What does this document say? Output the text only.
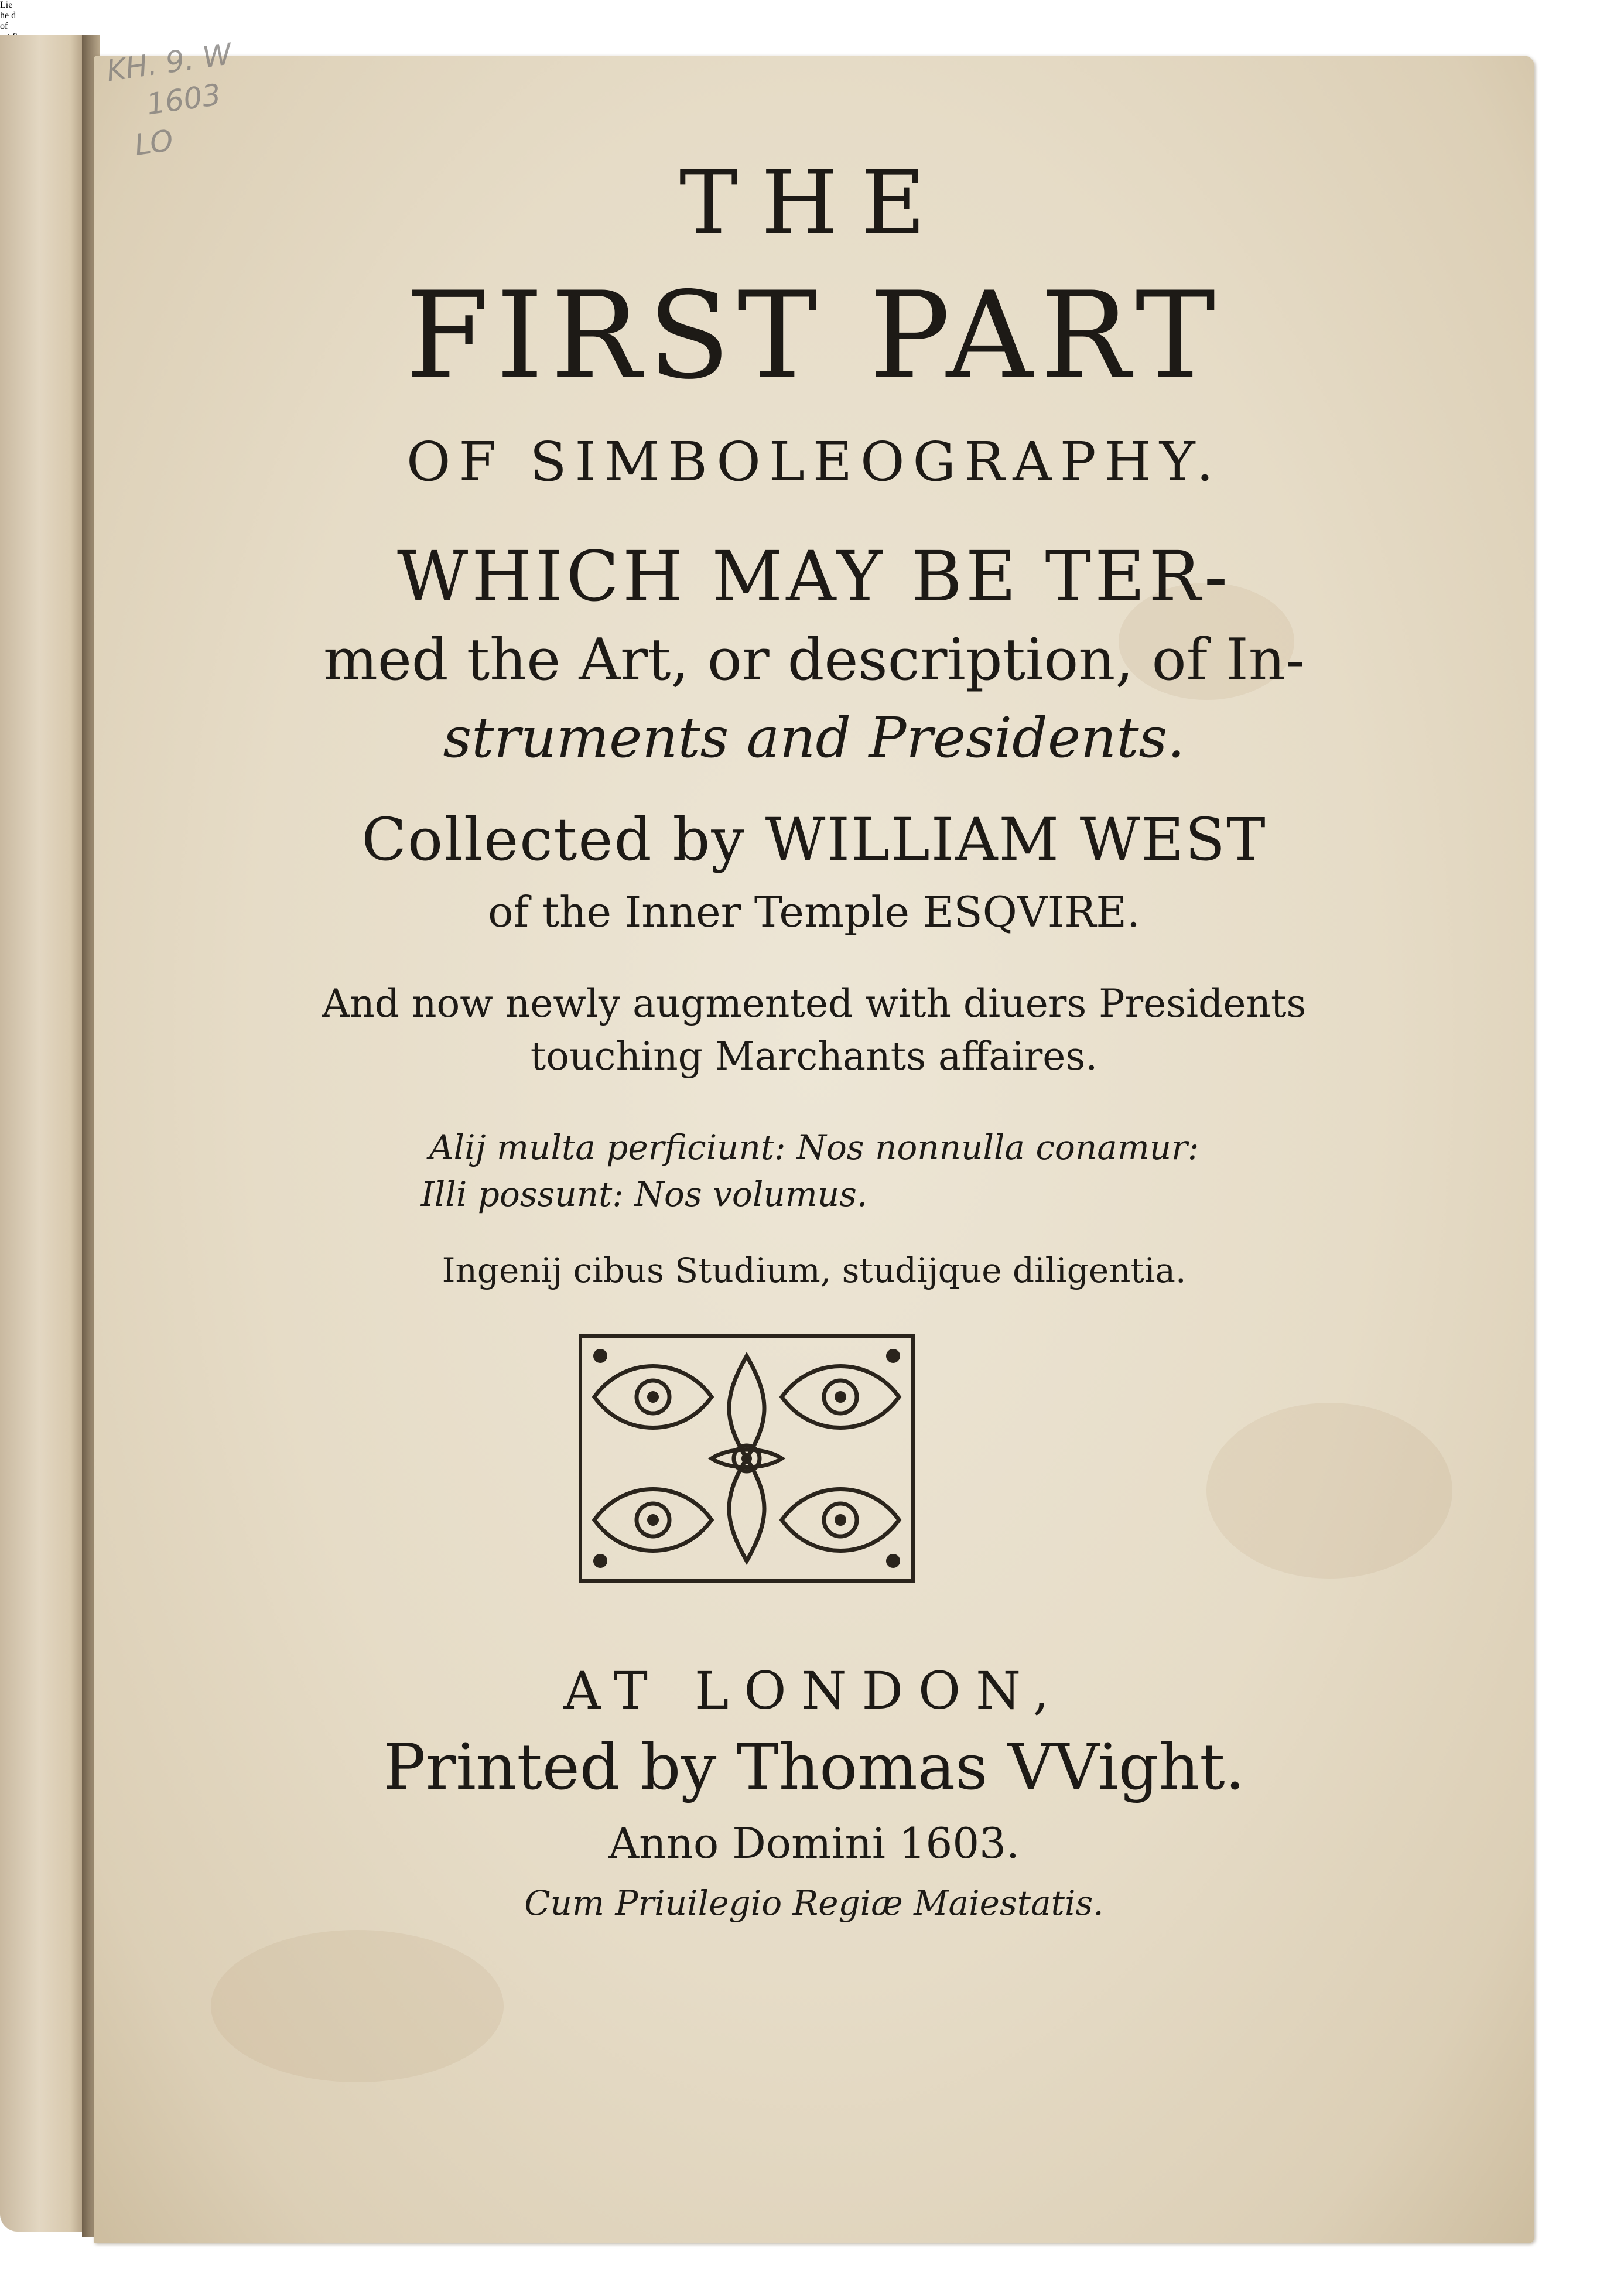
THE
FIRST PART
OF SIMBOLEOGRAPHY.
WHICH MAY BE TER-
med the Art, or description, of In-
struments and Presidents.
Collected by WILLIAM WEST
of the Inner Temple ESQVIRE.
And now newly augmented with diuers Presidents
touching Marchants affaires.
Alij multa perficiunt: Nos nonnulla conamur:
Illi possunt: Nos volumus.
Ingenij cibus Studium, studijque diligentia.
AT LONDON,
Printed by Thomas VVight.
Anno Domini 1603.
Cum Priuilegio Regiæ Maiestatis.
KH. 9. W
1603
LO
Lie
he d
of
